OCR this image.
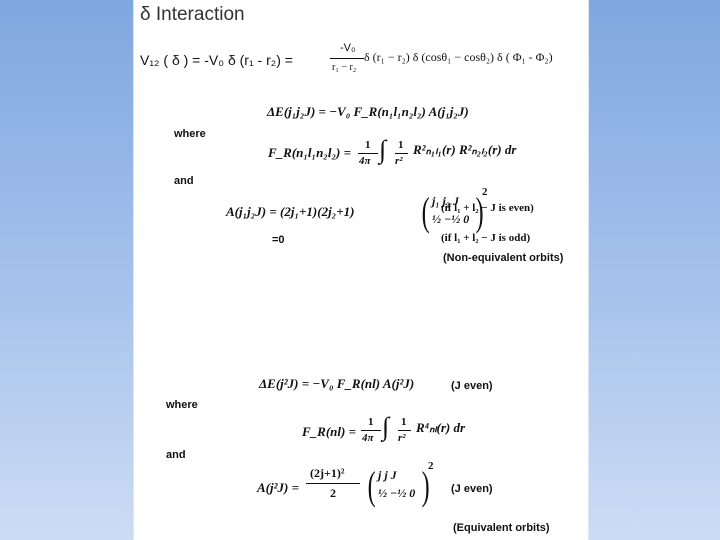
δ Interaction
V₁₂ ( δ ) = -V₀ δ (r₁ - r₂) =
-V₀
r₁ − r₂
δ (r₁ − r₂) δ (cosθ₁ − cosθ₂) δ ( Φ₁ - Φ₂)
ΔE(j₁j₂J) = −V₀ F_R(n₁l₁n₂l₂) A(j₁j₂J)
where
F_R(n₁l₁n₂l₂) = 1
4π ∫ 1
r²
R²ₙ₁ₗ₁(r) R²ₙ₂ₗ₂(r) dr
and
A(j₁j₂J) = (2j₁+1)(2j₂+1) ( j₁ j₂ J
½ −½ 0 )
2
(if l₁ + l₂ − J is even)
=0	(if l₁ + l₂ − J is odd)
(Non-equivalent orbits)
ΔE(j²J) = −V₀ F_R(nl) A(j²J)	(J even)
where
F_R(nl) =
1
4π ∫ 1
r²
R⁴ₙₗ(r) dr
and
A(j²J) =
(2j+1)²
2 ( j j J
½ −½ 0 )
2
(J even)
(Equivalent orbits)
